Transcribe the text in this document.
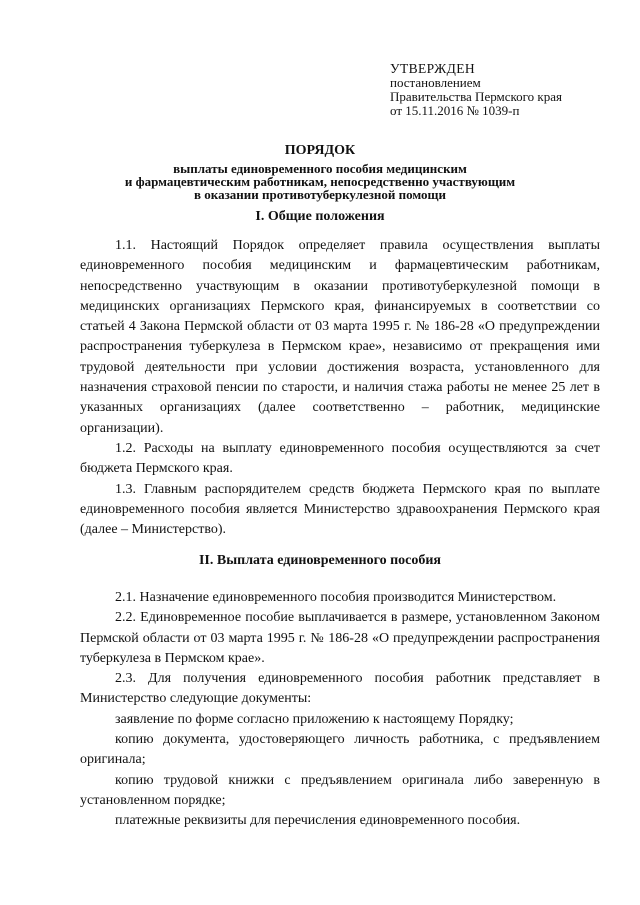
УТВЕРЖДЕН
постановлением
Правительства Пермского края
от 15.11.2016 № 1039-п
ПОРЯДОК
выплаты единовременного пособия медицинским
и фармацевтическим работникам, непосредственно участвующим
в оказании противотуберкулезной помощи
I. Общие положения

1.1. Настоящий Порядок определяет правила осуществления выплаты единовременного пособия медицинским и фармацевтическим работникам, непосредственно участвующим в оказании противотуберкулезной помощи в медицинских организациях Пермского края, финансируемых в соответствии со статьей 4 Закона Пермской области от 03 марта 1995 г. № 186-28 «О предупреждении распространения туберкулеза в Пермском крае», независимо от прекращения ими трудовой деятельности при условии достижения возраста, установленного для назначения страховой пенсии по старости, и наличия стажа работы не менее 25 лет в указанных организациях (далее соответственно – работник, медицинские организации).

1.2. Расходы на выплату единовременного пособия осуществляются за счет бюджета Пермского края.

1.3. Главным распорядителем средств бюджета Пермского края по выплате единовременного пособия является Министерство здравоохранения Пермского края (далее – Министерство).

II. Выплата единовременного пособия

2.1. Назначение единовременного пособия производится Министерством.

2.2. Единовременное пособие выплачивается в размере, установленном Законом Пермской области от 03 марта 1995 г. № 186-28 «О предупреждении распространения туберкулеза в Пермском крае».

2.3. Для получения единовременного пособия работник представляет в Министерство следующие документы:

заявление по форме согласно приложению к настоящему Порядку;

копию документа, удостоверяющего личность работника, с предъявлением оригинала;

копию трудовой книжки с предъявлением оригинала либо заверенную в установленном порядке;

платежные реквизиты для перечисления единовременного пособия.
